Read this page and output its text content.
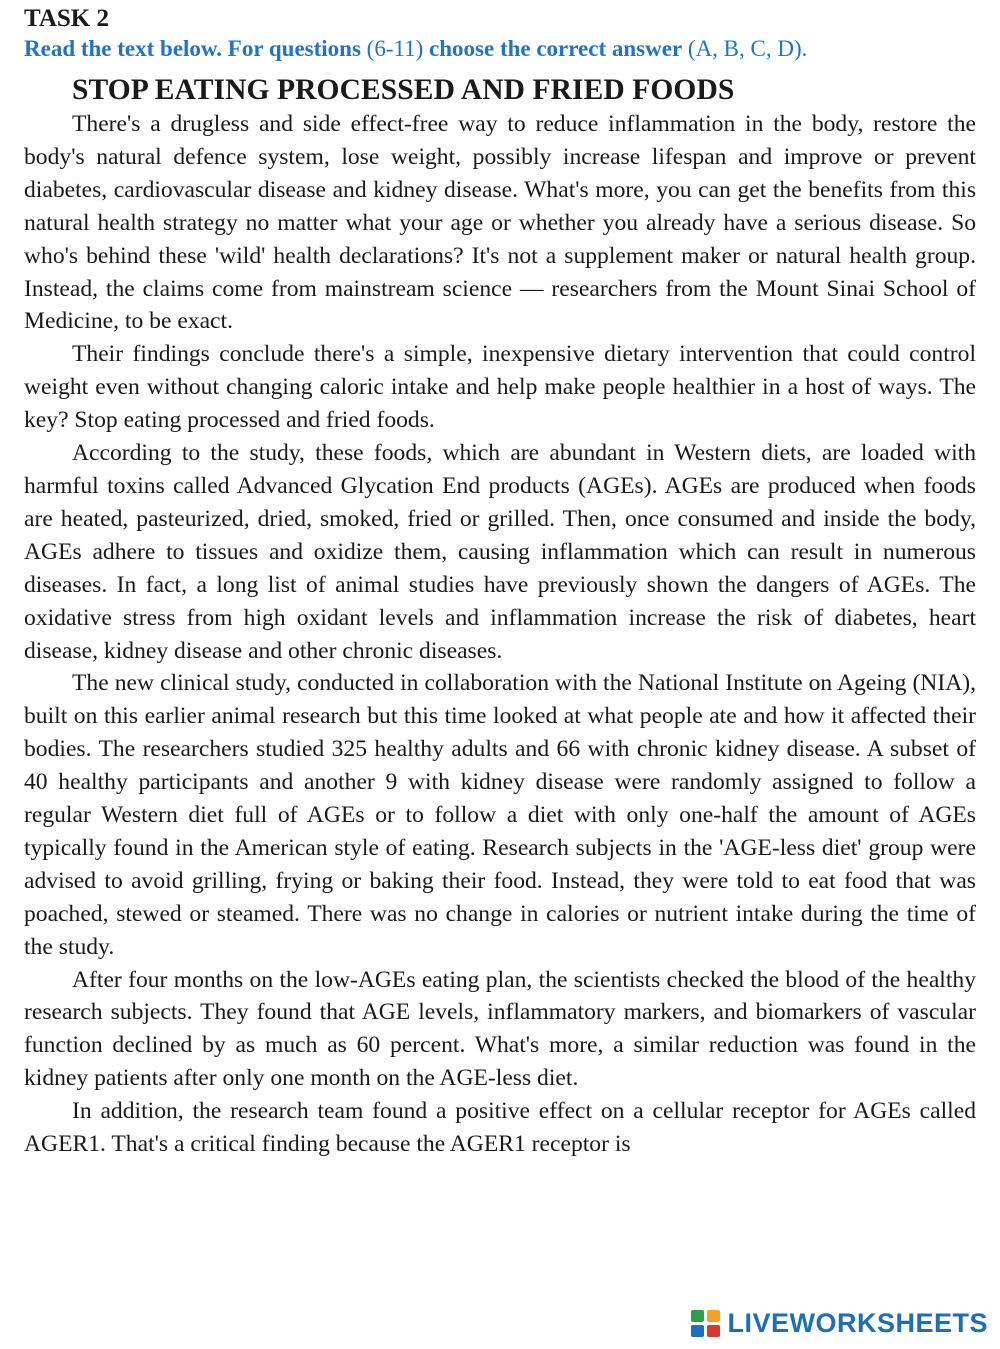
TASK 2

Read the text below. For questions (6-11) choose the correct answer (A, B, C, D).

STOP EATING PROCESSED AND FRIED FOODS

There's a drugless and side effect-free way to reduce inflammation in the body, restore the body's natural defence system, lose weight, possibly increase lifespan and improve or prevent diabetes, cardiovascular disease and kidney disease. What's more, you can get the benefits from this natural health strategy no matter what your age or whether you already have a serious disease. So who's behind these 'wild' health declarations? It's not a supplement maker or natural health group. Instead, the claims come from mainstream science — researchers from the Mount Sinai School of Medicine, to be exact.

Their findings conclude there's a simple, inexpensive dietary intervention that could control weight even without changing caloric intake and help make people healthier in a host of ways. The key? Stop eating processed and fried foods.

According to the study, these foods, which are abundant in Western diets, are loaded with harmful toxins called Advanced Glycation End products (AGEs). AGEs are produced when foods are heated, pasteurized, dried, smoked, fried or grilled. Then, once consumed and inside the body, AGEs adhere to tissues and oxidize them, causing inflammation which can result in numerous diseases. In fact, a long list of animal studies have previously shown the dangers of AGEs. The oxidative stress from high oxidant levels and inflammation increase the risk of diabetes, heart disease, kidney disease and other chronic diseases.

The new clinical study, conducted in collaboration with the National Institute on Ageing (NIA), built on this earlier animal research but this time looked at what people ate and how it affected their bodies. The researchers studied 325 healthy adults and 66 with chronic kidney disease. A subset of 40 healthy participants and another 9 with kidney disease were randomly assigned to follow a regular Western diet full of AGEs or to follow a diet with only one-half the amount of AGEs typically found in the American style of eating. Research subjects in the 'AGE-less diet' group were advised to avoid grilling, frying or baking their food. Instead, they were told to eat food that was poached, stewed or steamed. There was no change in calories or nutrient intake during the time of the study.

After four months on the low-AGEs eating plan, the scientists checked the blood of the healthy research subjects. They found that AGE levels, inflammatory markers, and biomarkers of vascular function declined by as much as 60 percent. What's more, a similar reduction was found in the kidney patients after only one month on the AGE-less diet.

In addition, the research team found a positive effect on a cellular receptor for AGEs called AGER1. That's a critical finding because the AGER1 receptor is

LIVEWORKSHEETS
